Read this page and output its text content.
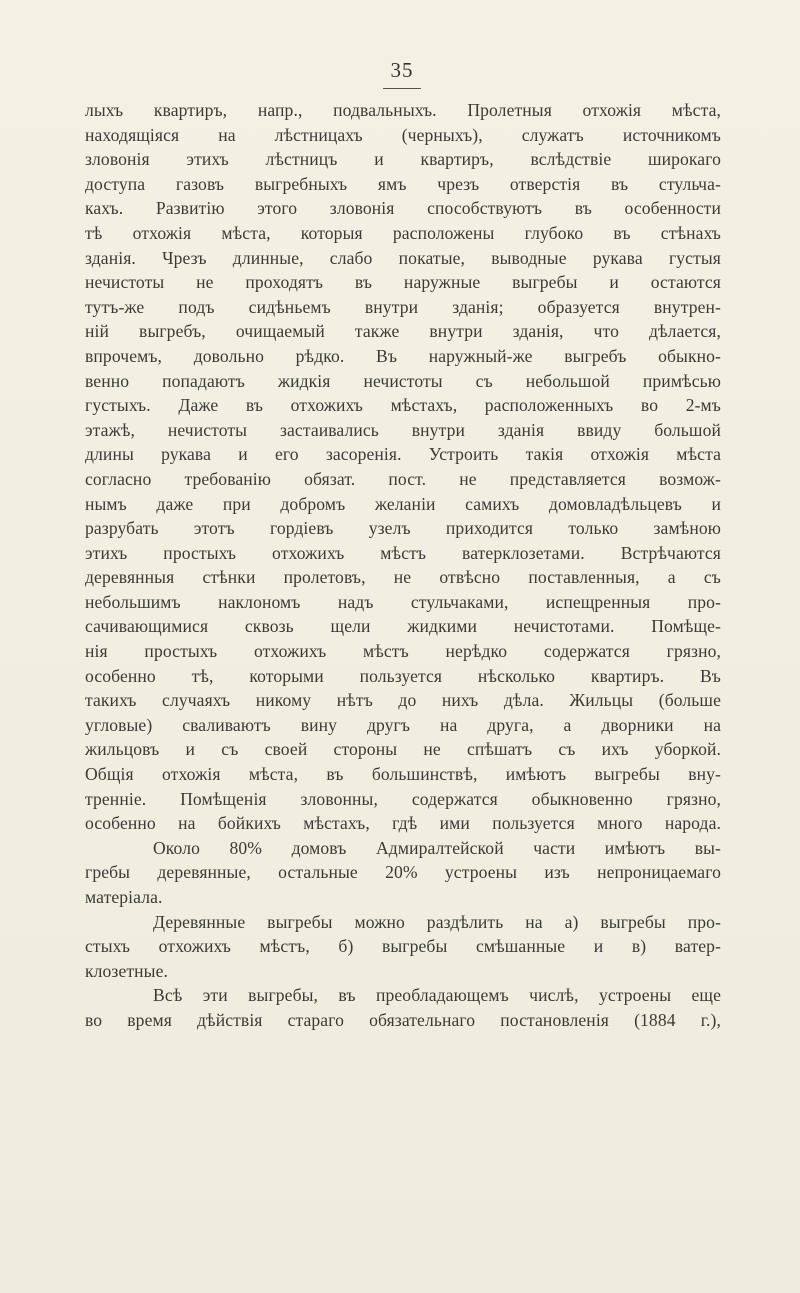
35
лыхъ квартиръ, напр., подвальныхъ. Пролетныя отхожія мѣста,
находящіяся на лѣстницахъ (черныхъ), служатъ источникомъ
зловонія этихъ лѣстницъ и квартиръ, вслѣдствіе широкаго
доступа газовъ выгребныхъ ямъ чрезъ отверстія въ стульча-
кахъ. Развитію этого зловонія способствуютъ въ особенности
тѣ отхожія мѣста, которыя расположены глубоко въ стѣнахъ
зданія. Чрезъ длинные, слабо покатые, выводные рукава густыя
нечистоты не проходятъ въ наружные выгребы и остаются
тутъ-же подъ сидѣньемъ внутри зданія; образуется внутрен-
ній выгребъ, очищаемый также внутри зданія, что дѣлается,
впрочемъ, довольно рѣдко. Въ наружный-же выгребъ обыкно-
венно попадаютъ жидкія нечистоты съ небольшой примѣсью
густыхъ. Даже въ отхожихъ мѣстахъ, расположенныхъ во 2-мъ
этажѣ, нечистоты застаивались внутри зданія ввиду большой
длины рукава и его засоренія. Устроить такія отхожія мѣста
согласно требованію обязат. пост. не представляется возмож-
нымъ даже при добромъ желаніи самихъ домовладѣльцевъ и
разрубать этотъ гордіевъ узелъ приходится только замѣною
этихъ простыхъ отхожихъ мѣстъ ватерклозетами. Встрѣчаются
деревянныя стѣнки пролетовъ, не отвѣсно поставленныя, а съ
небольшимъ наклономъ надъ стульчаками, испещренныя про-
сачивающимися сквозь щели жидкими нечистотами. Помѣще-
нія простыхъ отхожихъ мѣстъ нерѣдко содержатся грязно,
особенно тѣ, которыми пользуется нѣсколько квартиръ. Въ
такихъ случаяхъ никому нѣтъ до нихъ дѣла. Жильцы (больше
угловые) сваливаютъ вину другъ на друга, а дворники на
жильцовъ и съ своей стороны не спѣшатъ съ ихъ уборкой.
Общія отхожія мѣста, въ большинствѣ, имѣютъ выгребы вну-
тренніе. Помѣщенія зловонны, содержатся обыкновенно грязно,
особенно на бойкихъ мѣстахъ, гдѣ ими пользуется много народа.
Около 80% домовъ Адмиралтейской части имѣютъ вы-
гребы деревянные, остальные 20% устроены изъ непроницаемаго
матеріала.
Деревянные выгребы можно раздѣлить на а) выгребы про-
стыхъ отхожихъ мѣстъ, б) выгребы смѣшанные и в) ватер-
клозетные.
Всѣ эти выгребы, въ преобладающемъ числѣ, устроены еще
во время дѣйствія стараго обязательнаго постановленія (1884 г.),
